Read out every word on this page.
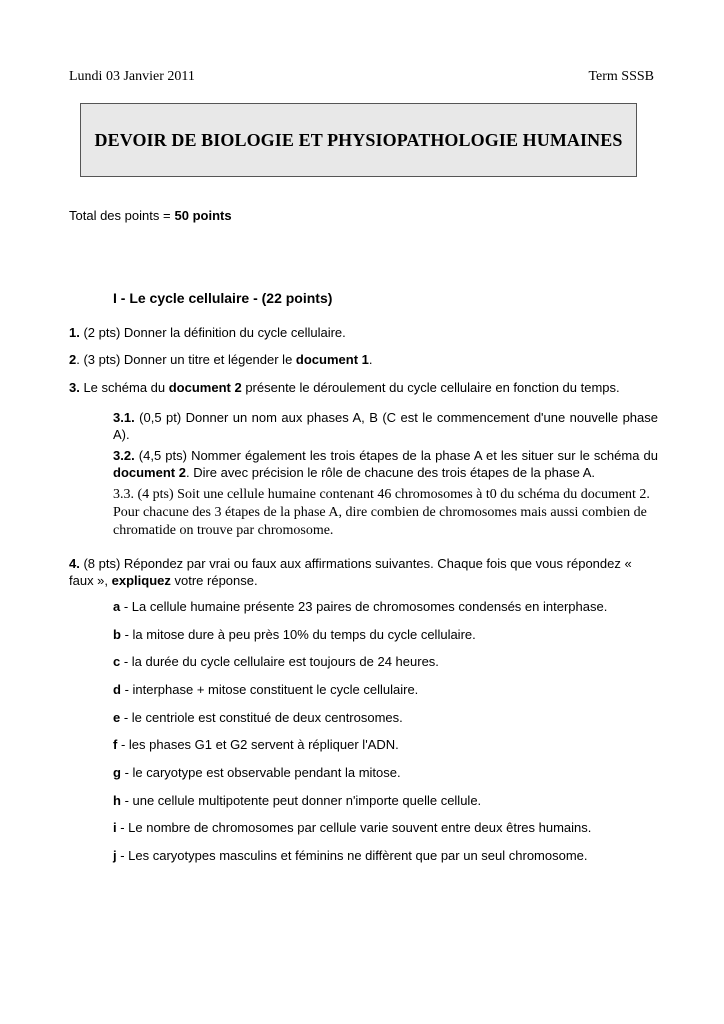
Lundi 03 Janvier 2011	Term SSSB
DEVOIR DE BIOLOGIE ET PHYSIOPATHOLOGIE HUMAINES
Total des points = 50 points
I - Le cycle cellulaire - (22 points)
1. (2 pts) Donner la définition du cycle cellulaire.
2. (3 pts) Donner un titre et légender le document 1.
3. Le schéma du document 2 présente le déroulement du cycle cellulaire en fonction du temps.
3.1. (0,5 pt) Donner un nom aux phases A, B (C est le commencement d'une nouvelle phase A).
3.2. (4,5 pts) Nommer également les trois étapes de la phase A et les situer sur le schéma du document 2. Dire avec précision le rôle de chacune des trois étapes de la phase A.
3.3. (4 pts) Soit une cellule humaine contenant 46 chromosomes à t0 du schéma du document 2. Pour chacune des 3 étapes de la phase A, dire combien de chromosomes mais aussi combien de chromatide on trouve par chromosome.
4. (8 pts) Répondez par vrai ou faux aux affirmations suivantes. Chaque fois que vous répondez « faux », expliquez votre réponse.
a - La cellule humaine présente 23 paires de chromosomes condensés en interphase.
b - la mitose dure à peu près 10% du temps du cycle cellulaire.
c - la durée du cycle cellulaire est toujours de 24 heures.
d - interphase + mitose constituent le cycle cellulaire.
e - le centriole est constitué de deux centrosomes.
f - les phases G1 et G2 servent à répliquer l'ADN.
g - le caryotype est observable pendant la mitose.
h - une cellule multipotente peut donner n'importe quelle cellule.
i - Le nombre de chromosomes par cellule varie souvent entre deux êtres humains.
j - Les caryotypes masculins et féminins ne diffèrent que par un seul chromosome.
